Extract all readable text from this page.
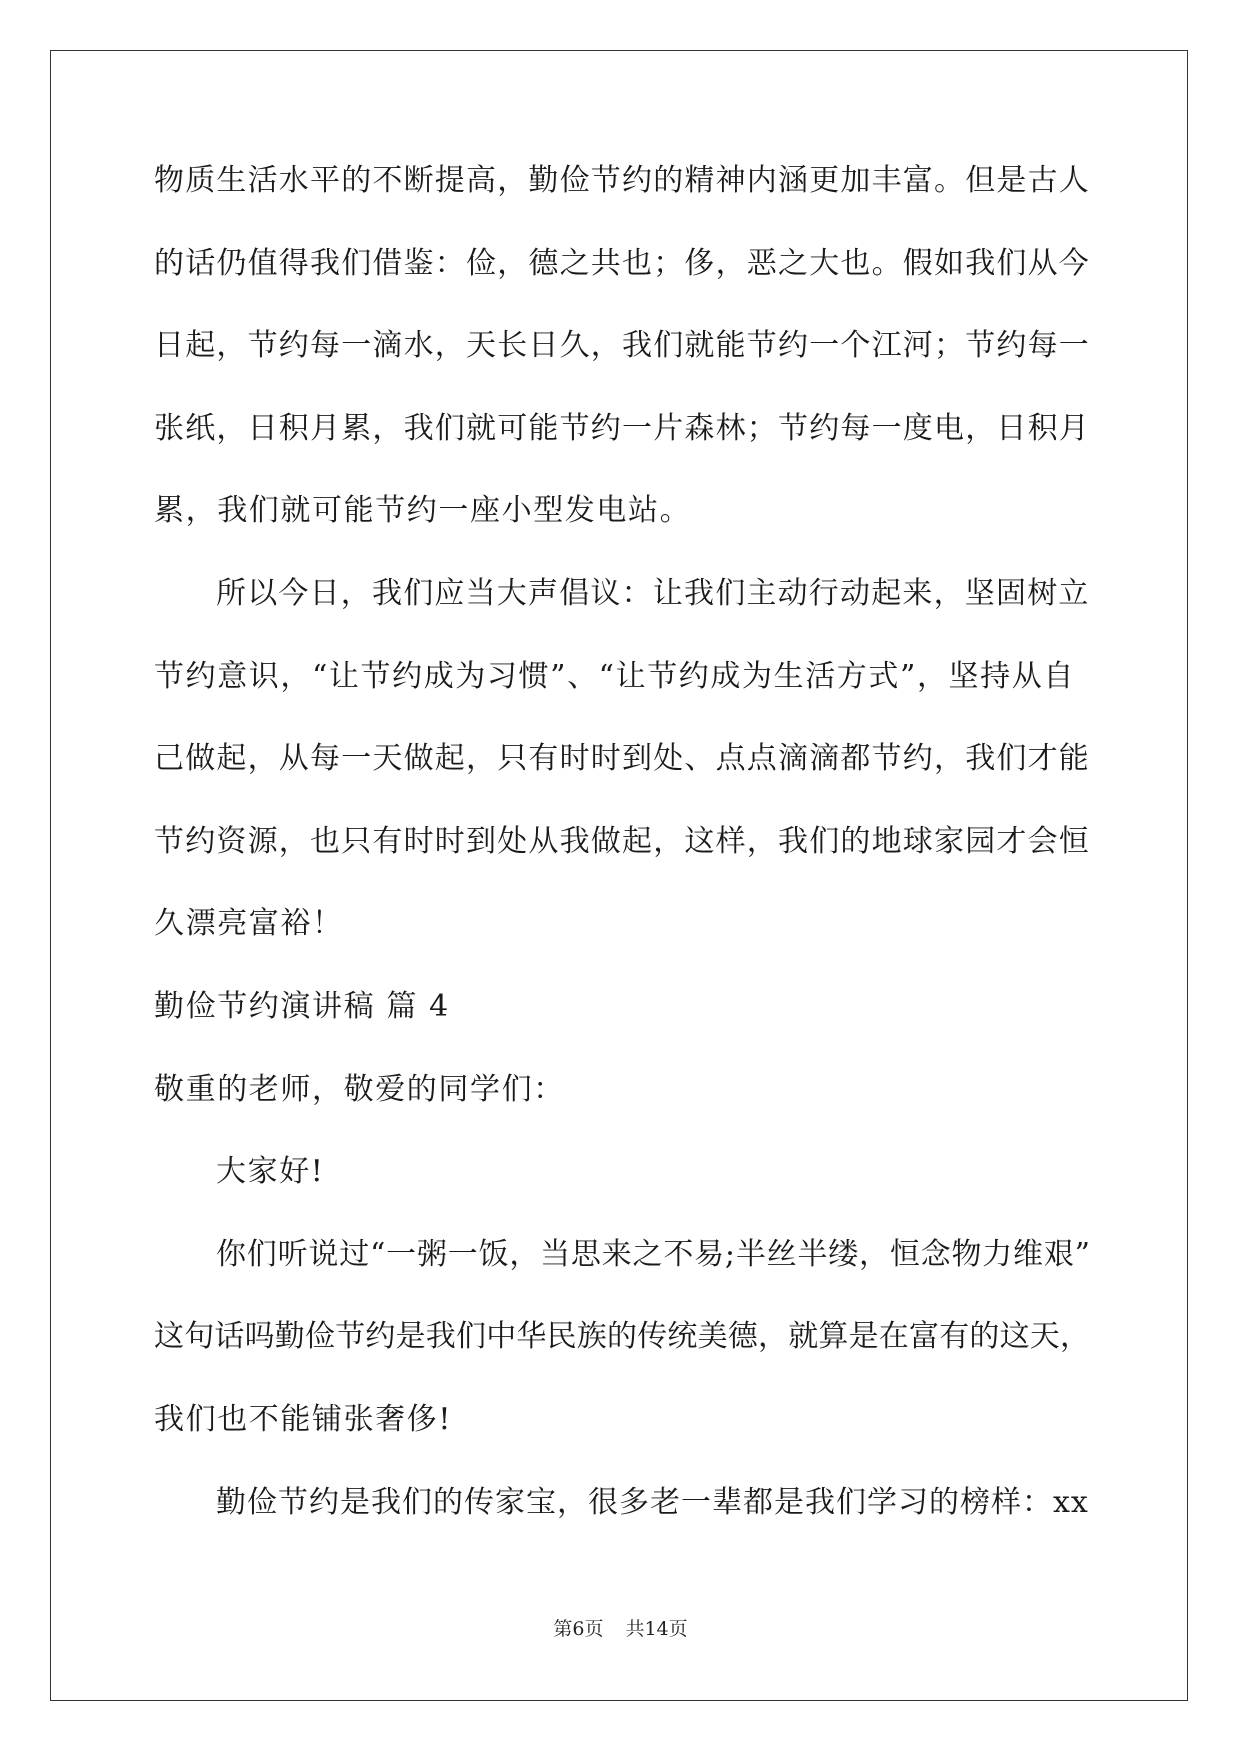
物质生活水平的不断提高，勤俭节约的精神内涵更加丰富。但是古人
的话仍值得我们借鉴：俭，德之共也；侈，恶之大也。假如我们从今
日起，节约每一滴水，天长日久，我们就能节约一个江河；节约每一
张纸，日积月累，我们就可能节约一片森林；节约每一度电，日积月
累，我们就可能节约一座小型发电站。
所以今日，我们应当大声倡议：让我们主动行动起来，坚固树立
节约意识，“让节约成为习惯”、“让节约成为生活方式”，坚持从自
己做起，从每一天做起，只有时时到处、点点滴滴都节约，我们才能
节约资源，也只有时时到处从我做起，这样，我们的地球家园才会恒
久漂亮富裕！
勤俭节约演讲稿 篇 4
敬重的老师，敬爱的同学们：
大家好!
你们听说过“一粥一饭，当思来之不易;半丝半缕，恒念物力维艰”
这句话吗勤俭节约是我们中华民族的传统美德，就算是在富有的这天，
我们也不能铺张奢侈!
勤俭节约是我们的传家宝，很多老一辈都是我们学习的榜样：xx
第6页 共14页
